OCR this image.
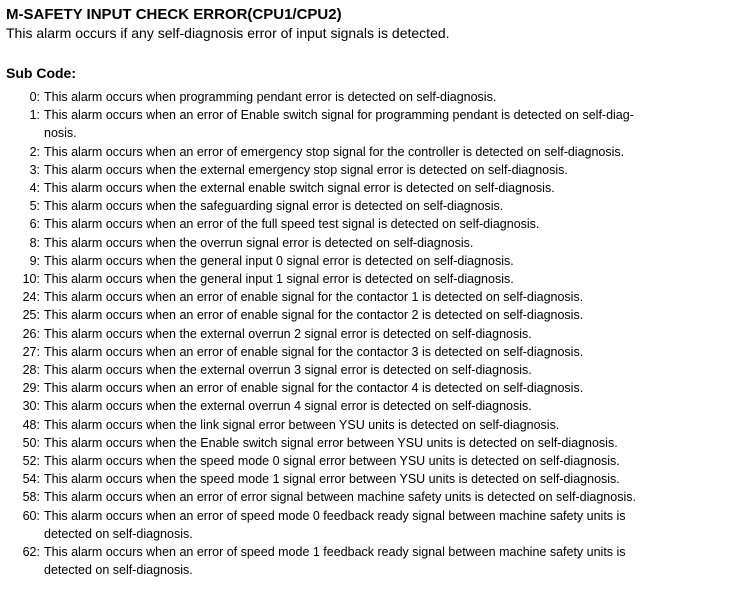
M-SAFETY INPUT CHECK ERROR(CPU1/CPU2)
This alarm occurs if any self-diagnosis error of input signals is detected.
Sub Code:
0: This alarm occurs when programming pendant error is detected on self-diagnosis.
1: This alarm occurs when an error of Enable switch signal for programming pendant is detected on self-diag-
nosis.
2: This alarm occurs when an error of emergency stop signal for the controller is detected on self-diagnosis.
3: This alarm occurs when the external emergency stop signal error is detected on self-diagnosis.
4: This alarm occurs when the external enable switch signal error is detected on self-diagnosis.
5: This alarm occurs when the safeguarding signal error is detected on self-diagnosis.
6: This alarm occurs when an error of the full speed test signal is detected on self-diagnosis.
8: This alarm occurs when the overrun signal error is detected on self-diagnosis.
9: This alarm occurs when the general input 0 signal error is detected on self-diagnosis.
10: This alarm occurs when the general input 1 signal error is detected on self-diagnosis.
24: This alarm occurs when an error of enable signal for the contactor 1 is detected on self-diagnosis.
25: This alarm occurs when an error of enable signal for the contactor 2 is detected on self-diagnosis.
26: This alarm occurs when the external overrun 2 signal error is detected on self-diagnosis.
27: This alarm occurs when an error of enable signal for the contactor 3 is detected on self-diagnosis.
28: This alarm occurs when the external overrun 3 signal error is detected on self-diagnosis.
29: This alarm occurs when an error of enable signal for the contactor 4 is detected on self-diagnosis.
30: This alarm occurs when the external overrun 4 signal error is detected on self-diagnosis.
48: This alarm occurs when the link signal error between YSU units is detected on self-diagnosis.
50: This alarm occurs when the Enable switch signal error between YSU units is detected on self-diagnosis.
52: This alarm occurs when the speed mode 0 signal error between YSU units is detected on self-diagnosis.
54: This alarm occurs when the speed mode 1 signal error between YSU units is detected on self-diagnosis.
58: This alarm occurs when an error of error signal between machine safety units is detected on self-diagnosis.
60: This alarm occurs when an error of speed mode 0 feedback ready signal between machine safety units is
detected on self-diagnosis.
62: This alarm occurs when an error of speed mode 1 feedback ready signal between machine safety units is
detected on self-diagnosis.
